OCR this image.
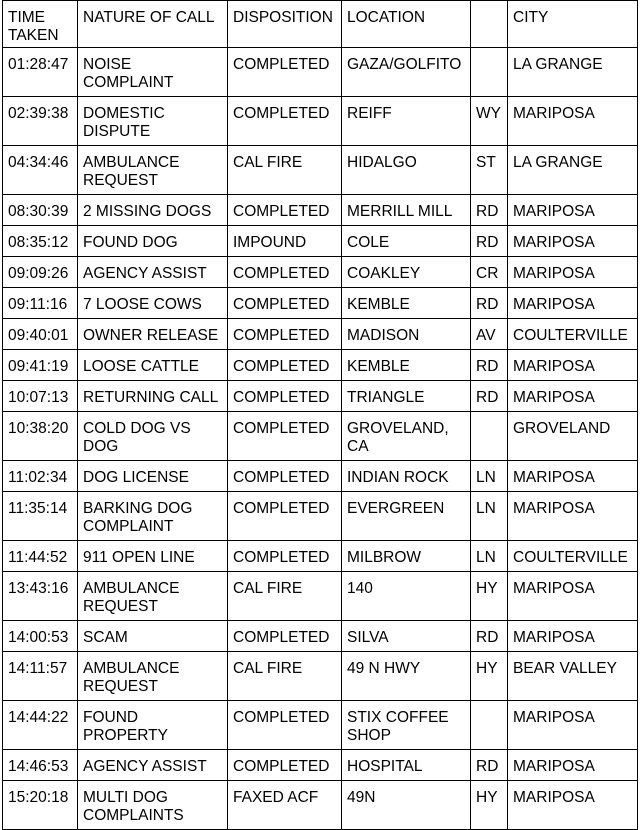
TIME TAKEN	NATURE OF CALL	DISPOSITION	LOCATION		CITY
01:28:47	NOISE COMPLAINT	COMPLETED	GAZA/GOLFITO		LA GRANGE
02:39:38	DOMESTIC DISPUTE	COMPLETED	REIFF	WY	MARIPOSA
04:34:46	AMBULANCE REQUEST	CAL FIRE	HIDALGO	ST	LA GRANGE
08:30:39	2 MISSING DOGS	COMPLETED	MERRILL MILL	RD	MARIPOSA
08:35:12	FOUND DOG	IMPOUND	COLE	RD	MARIPOSA
09:09:26	AGENCY ASSIST	COMPLETED	COAKLEY	CR	MARIPOSA
09:11:16	7 LOOSE COWS	COMPLETED	KEMBLE	RD	MARIPOSA
09:40:01	OWNER RELEASE	COMPLETED	MADISON	AV	COULTERVILLE
09:41:19	LOOSE CATTLE	COMPLETED	KEMBLE	RD	MARIPOSA
10:07:13	RETURNING CALL	COMPLETED	TRIANGLE	RD	MARIPOSA
10:38:20	COLD DOG VS DOG	COMPLETED	GROVELAND, CA		GROVELAND
11:02:34	DOG LICENSE	COMPLETED	INDIAN ROCK	LN	MARIPOSA
11:35:14	BARKING DOG COMPLAINT	COMPLETED	EVERGREEN	LN	MARIPOSA
11:44:52	911 OPEN LINE	COMPLETED	MILBROW	LN	COULTERVILLE
13:43:16	AMBULANCE REQUEST	CAL FIRE	140	HY	MARIPOSA
14:00:53	SCAM	COMPLETED	SILVA	RD	MARIPOSA
14:11:57	AMBULANCE REQUEST	CAL FIRE	49 N HWY	HY	BEAR VALLEY
14:44:22	FOUND PROPERTY	COMPLETED	STIX COFFEE SHOP		MARIPOSA
14:46:53	AGENCY ASSIST	COMPLETED	HOSPITAL	RD	MARIPOSA
15:20:18	MULTI DOG COMPLAINTS	FAXED ACF	49N	HY	MARIPOSA
